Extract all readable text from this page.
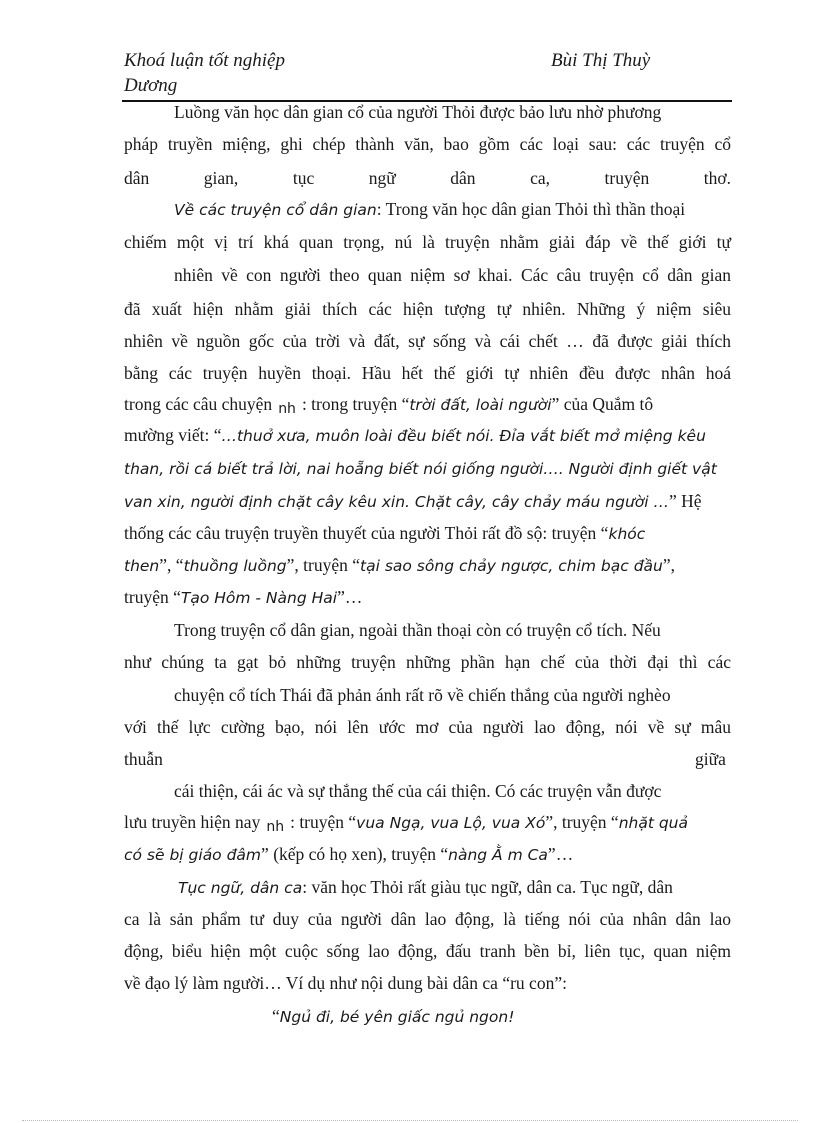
Khoá luận tốt nghiệp	Bùi Thị Thuỳ
Dương
Luồng văn học dân gian cổ của người Thỏi được bảo lưu nhờ phương
pháp truyền miệng, ghi chép thành văn, bao gồm các loại sau: các truyện cổ
dân gian, tục ngữ dân ca, truyện thơ.
Về các truyện cổ dân gian: Trong văn học dân gian Thỏi thì thần thoại
chiếm một vị trí khá quan trọng, nú là truyện nhằm giải đáp về thế giới tự
nhiên về con người theo quan niệm sơ khai. Các câu truyện cổ dân gian
đã xuất hiện nhằm giải thích các hiện tượng tự nhiên. Những ý niệm siêu
nhiên về nguồn gốc của trời và đất, sự sống và cái chết … đã được giải thích
bằng các truyện huyền thoại. Hầu hết thế giới tự nhiên đều được nhân hoá
trong các câu chuyện nh : trong truyện “trời đất, loài người” của Quắm tô
mường viết: “…thuở xưa, muôn loài đều biết nói. Đỉa vắt biết mở miệng kêu
than, rồi cá biết trả lời, nai hoẵng biết nói giống người…. Người định giết vật
van xin, người định chặt cây kêu xin. Chặt cây, cây chảy máu người …” Hệ
thống các câu truyện truyền thuyết của người Thỏi rất đồ sộ: truyện “khóc
then”, “thuồng luồng”, truyện “tại sao sông chảy ngược, chim bạc đầu”,
truyện “Tạo Hôm - Nàng Hai”…
Trong truyện cổ dân gian, ngoài thần thoại còn có truyện cổ tích. Nếu
như chúng ta gạt bỏ những truyện những phần hạn chế của thời đại thì các
chuyện cổ tích Thái đã phản ánh rất rõ về chiến thắng của người nghèo
với thế lực cường bạo, nói lên ước mơ của người lao động, nói về sự mâu
thuẫn	giữa
cái thiện, cái ác và sự thắng thế của cái thiện. Có các truyện vẫn được
lưu truyền hiện nay nh : truyện “vua Ngạ, vua Lộ, vua Xó”, truyện “nhặt quả
có sẽ bị giáo đâm” (kếp có họ xen), truyện “nàng Ằ m Ca”…
Tục ngữ, dân ca: văn học Thỏi rất giàu tục ngữ, dân ca. Tục ngữ, dân
ca là sản phẩm tư duy của người dân lao động, là tiếng nói của nhân dân lao
động, biểu hiện một cuộc sống lao động, đấu tranh bền bỉ, liên tục, quan niệm
về đạo lý làm người… Ví dụ như nội dung bài dân ca “ru con”:
“Ngủ đi, bé yên giấc ngủ ngon!
